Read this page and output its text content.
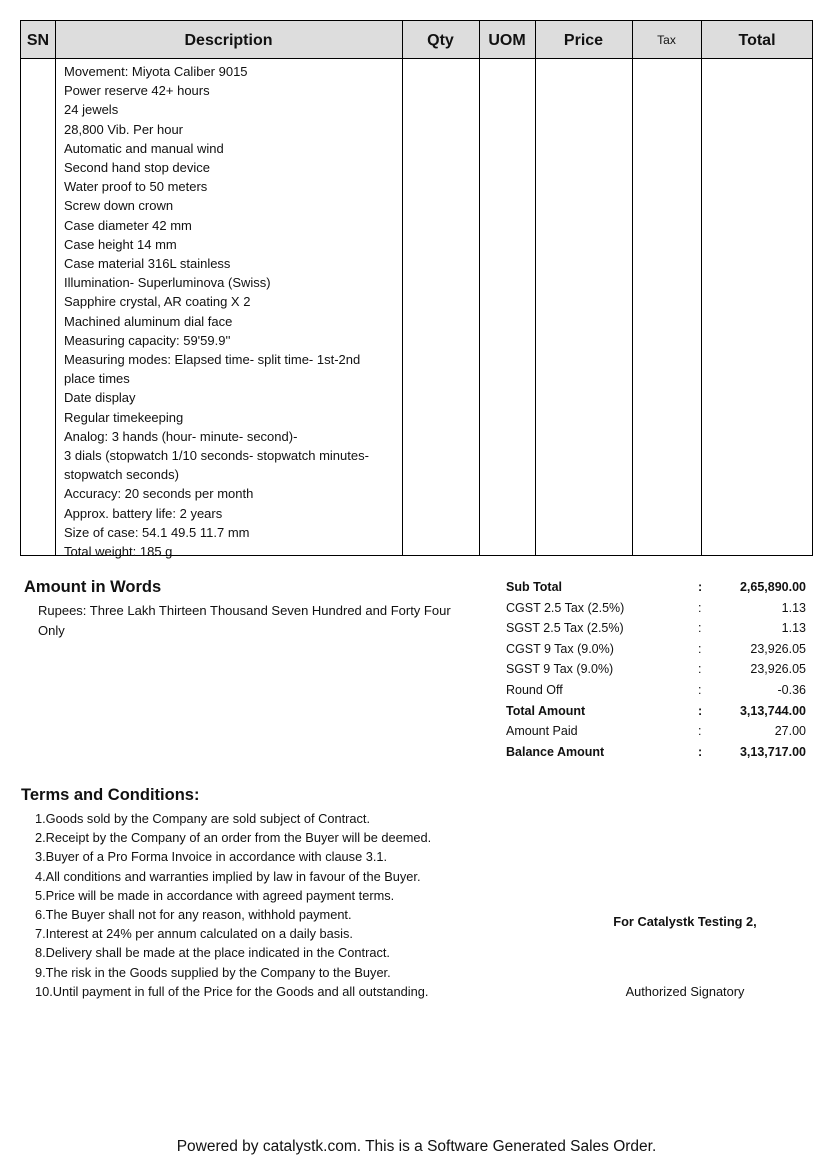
SN	Description	Qty	UOM	Price	Tax	Total
Movement: Miyota Caliber 9015
Power reserve 42+ hours
24 jewels
28,800 Vib. Per hour
Automatic and manual wind
Second hand stop device
Water proof to 50 meters
Screw down crown
Case diameter 42 mm
Case height 14 mm
Case material 316L stainless
Illumination- Superluminova (Swiss)
Sapphire crystal, AR coating X 2
Machined aluminum dial face
Measuring capacity: 59'59.9''
Measuring modes: Elapsed time- split time- 1st-2nd
place times
Date display
Regular timekeeping
Analog: 3 hands (hour- minute- second)-
3 dials (stopwatch 1/10 seconds- stopwatch minutes-
stopwatch seconds)
Accuracy: 20 seconds per month
Approx. battery life: 2 years
Size of case: 54.1 49.5 11.7 mm
Total weight: 185 g
Amount in Words
Rupees: Three Lakh Thirteen Thousand Seven Hundred and Forty Four Only
Sub Total	:	2,65,890.00
CGST 2.5 Tax (2.5%)	:	1.13
SGST 2.5 Tax (2.5%)	:	1.13
CGST 9 Tax (9.0%)	:	23,926.05
SGST 9 Tax (9.0%)	:	23,926.05
Round Off	:	-0.36
Total Amount	:	3,13,744.00
Amount Paid	:	27.00
Balance Amount	:	3,13,717.00
Terms and Conditions:
1.Goods sold by the Company are sold subject of Contract.
2.Receipt by the Company of an order from the Buyer will be deemed.
3.Buyer of a Pro Forma Invoice in accordance with clause 3.1.
4.All conditions and warranties implied by law in favour of the Buyer.
5.Price will be made in accordance with agreed payment terms.
6.The Buyer shall not for any reason, withhold payment.
7.Interest at 24% per annum calculated on a daily basis.
8.Delivery shall be made at the place indicated in the Contract.
9.The risk in the Goods supplied by the Company to the Buyer.
10.Until payment in full of the Price for the Goods and all outstanding.
For Catalystk Testing 2,
Authorized Signatory
Powered by catalystk.com. This is a Software Generated Sales Order.
